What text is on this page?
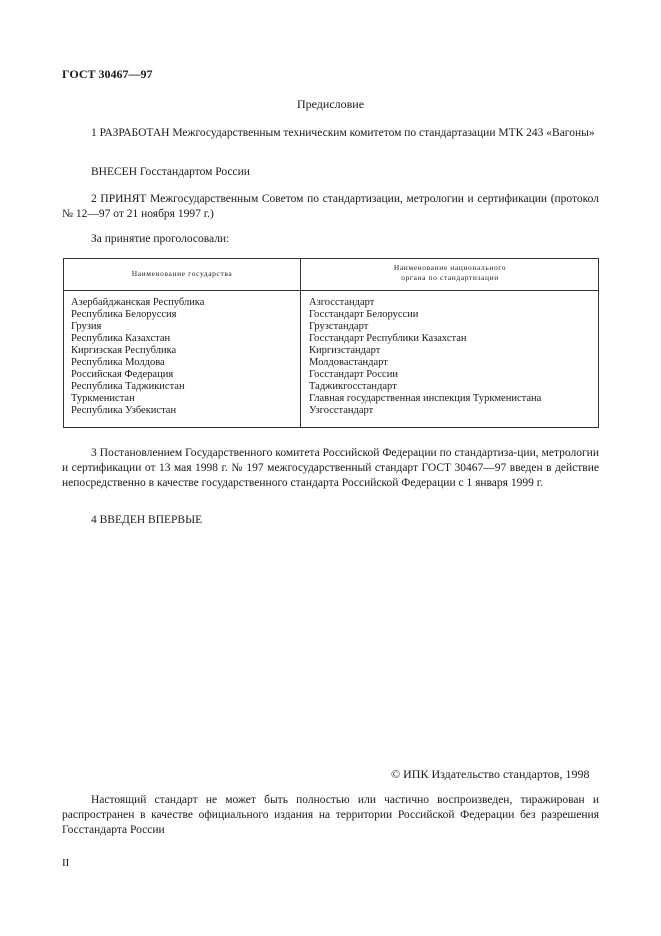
ГОСТ 30467—97
Предисловие
1 РАЗРАБОТАН Межгосударственным техническим комитетом по стандартазации МТК 243 «Вагоны»
ВНЕСЕН Госстандартом России
2 ПРИНЯТ Межгосударственным Советом по стандартизации, метрологии и сертификации (протокол № 12—97 от 21 ноября 1997 г.)
За принятие проголосовали:
Наименование государства
Наименование национального
органа по стандартизации
Азербайджанская Республика
Республика Белоруссия
Грузия
Республика Казахстан
Киргизская Республика
Республика Молдова
Российская Федерация
Республика Таджикистан
Туркменистан
Республика Узбекистан
Азгосстандарт
Госстандарт Белоруссии
Грузстандарт
Госстандарт Республики Казахстан
Киргизстандарт
Молдовастандарт
Госстандарт России
Таджикгосстандарт
Главная государственная инспекция Туркменистана
Узгосстандарт
3 Постановлением Государственного комитета Российской Федерации по стандартиза-ции, метрологии и сертификации от 13 мая 1998 г. № 197 межгосударственный стандарт ГОСТ 30467—97 введен в действие непосредственно в качестве государственного стандарта Российской Федерации с 1 января 1999 г.
4 ВВЕДЕН ВПЕРВЫЕ
© ИПК Издательство стандартов, 1998
Настоящий стандарт не может быть полностью или частично воспроизведен, тиражирован и распространен в качестве официального издания на территории Российской Федерации без разрешения Госстандарта России
II
